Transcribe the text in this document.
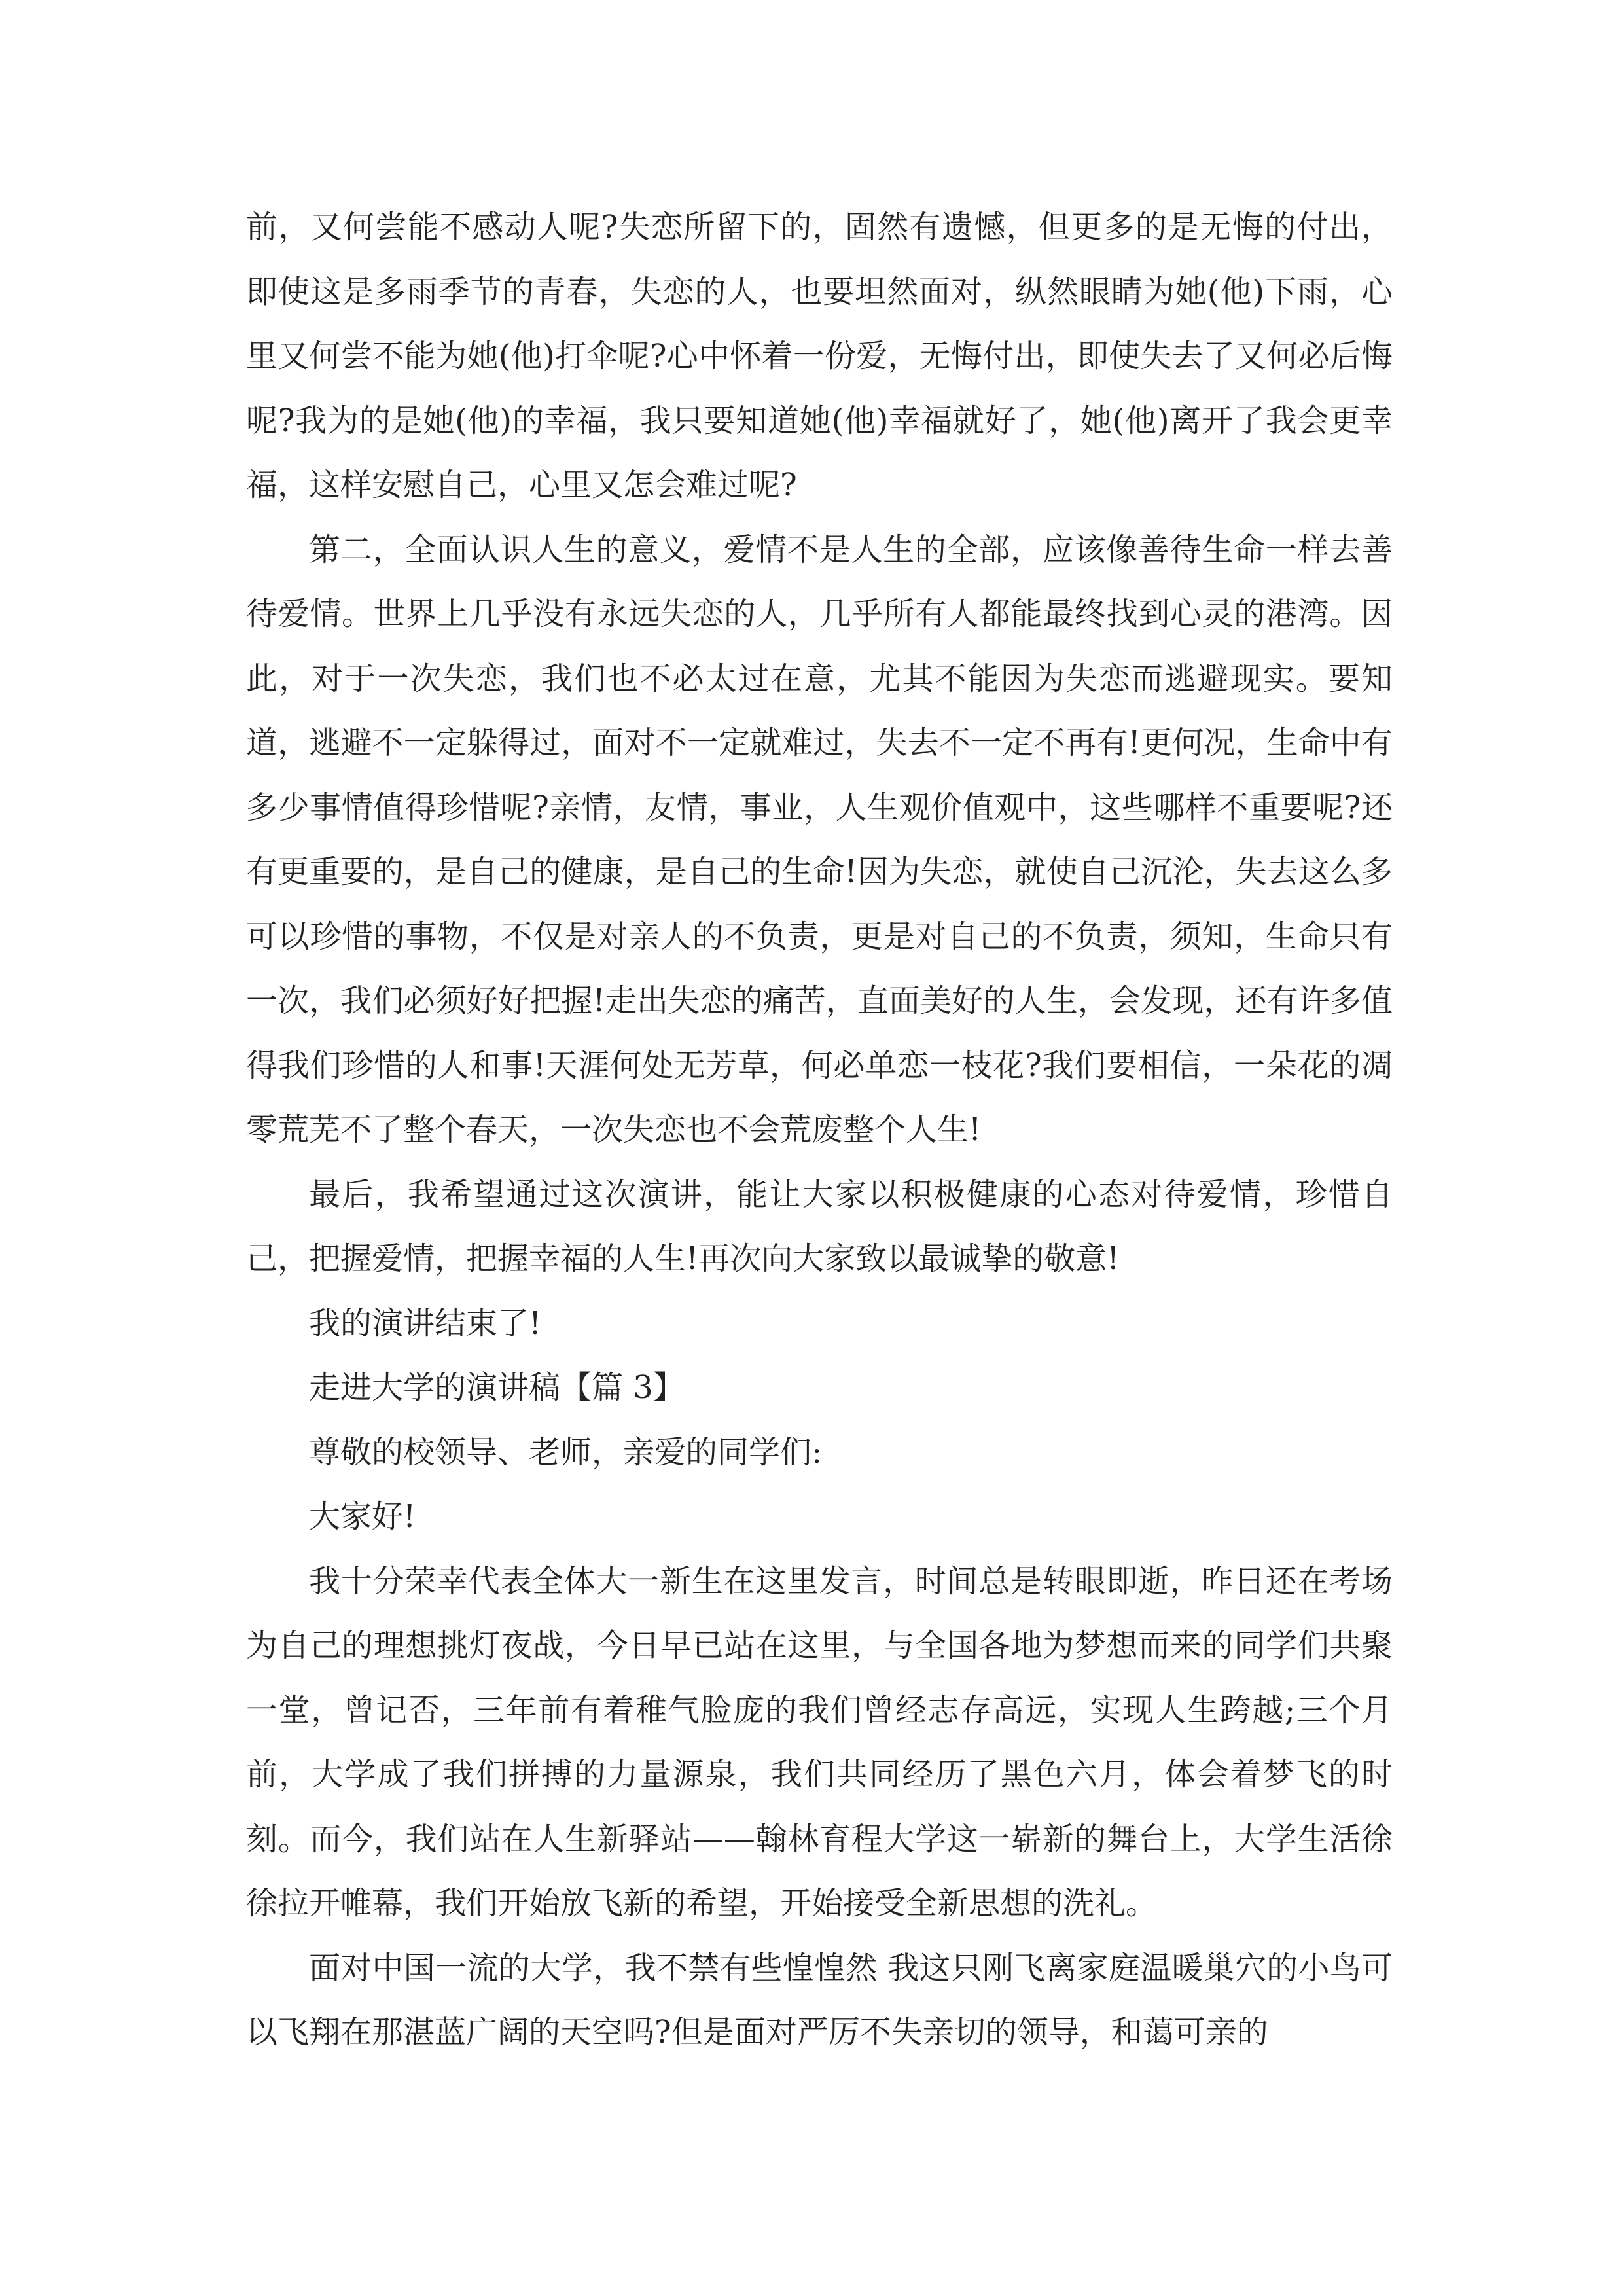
前，又何尝能不感动人呢?失恋所留下的，固然有遗憾，但更多的是无悔的付出，即使这是多雨季节的青春，失恋的人，也要坦然面对，纵然眼睛为她(他)下雨，心里又何尝不能为她(他)打伞呢?心中怀着一份爱，无悔付出，即使失去了又何必后悔呢?我为的是她(他)的幸福，我只要知道她(他)幸福就好了，她(他)离开了我会更幸福，这样安慰自己，心里又怎会难过呢?

第二，全面认识人生的意义，爱情不是人生的全部，应该像善待生命一样去善待爱情。世界上几乎没有永远失恋的人，几乎所有人都能最终找到心灵的港湾。因此，对于一次失恋，我们也不必太过在意，尤其不能因为失恋而逃避现实。要知道，逃避不一定躲得过，面对不一定就难过，失去不一定不再有!更何况，生命中有多少事情值得珍惜呢?亲情，友情，事业，人生观价值观中，这些哪样不重要呢?还有更重要的，是自己的健康，是自己的生命!因为失恋，就使自己沉沦，失去这么多可以珍惜的事物，不仅是对亲人的不负责，更是对自己的不负责，须知，生命只有一次，我们必须好好把握!走出失恋的痛苦，直面美好的人生，会发现，还有许多值得我们珍惜的人和事!天涯何处无芳草，何必单恋一枝花?我们要相信，一朵花的凋零荒芜不了整个春天，一次失恋也不会荒废整个人生!

最后，我希望通过这次演讲，能让大家以积极健康的心态对待爱情，珍惜自己，把握爱情，把握幸福的人生!再次向大家致以最诚挚的敬意!

我的演讲结束了!

走进大学的演讲稿【篇 3】

尊敬的校领导、老师，亲爱的同学们:

大家好!

我十分荣幸代表全体大一新生在这里发言，时间总是转眼即逝，昨日还在考场为自己的理想挑灯夜战，今日早已站在这里，与全国各地为梦想而来的同学们共聚一堂，曾记否，三年前有着稚气脸庞的我们曾经志存高远，实现人生跨越;三个月前，大学成了我们拼搏的力量源泉，我们共同经历了黑色六月，体会着梦飞的时刻。而今，我们站在人生新驿站——翰林育程大学这一崭新的舞台上，大学生活徐徐拉开帷幕，我们开始放飞新的希望，开始接受全新思想的洗礼。

面对中国一流的大学，我不禁有些惶惶然 我这只刚飞离家庭温暖巢穴的小鸟可以飞翔在那湛蓝广阔的天空吗?但是面对严厉不失亲切的领导，和蔼可亲的
